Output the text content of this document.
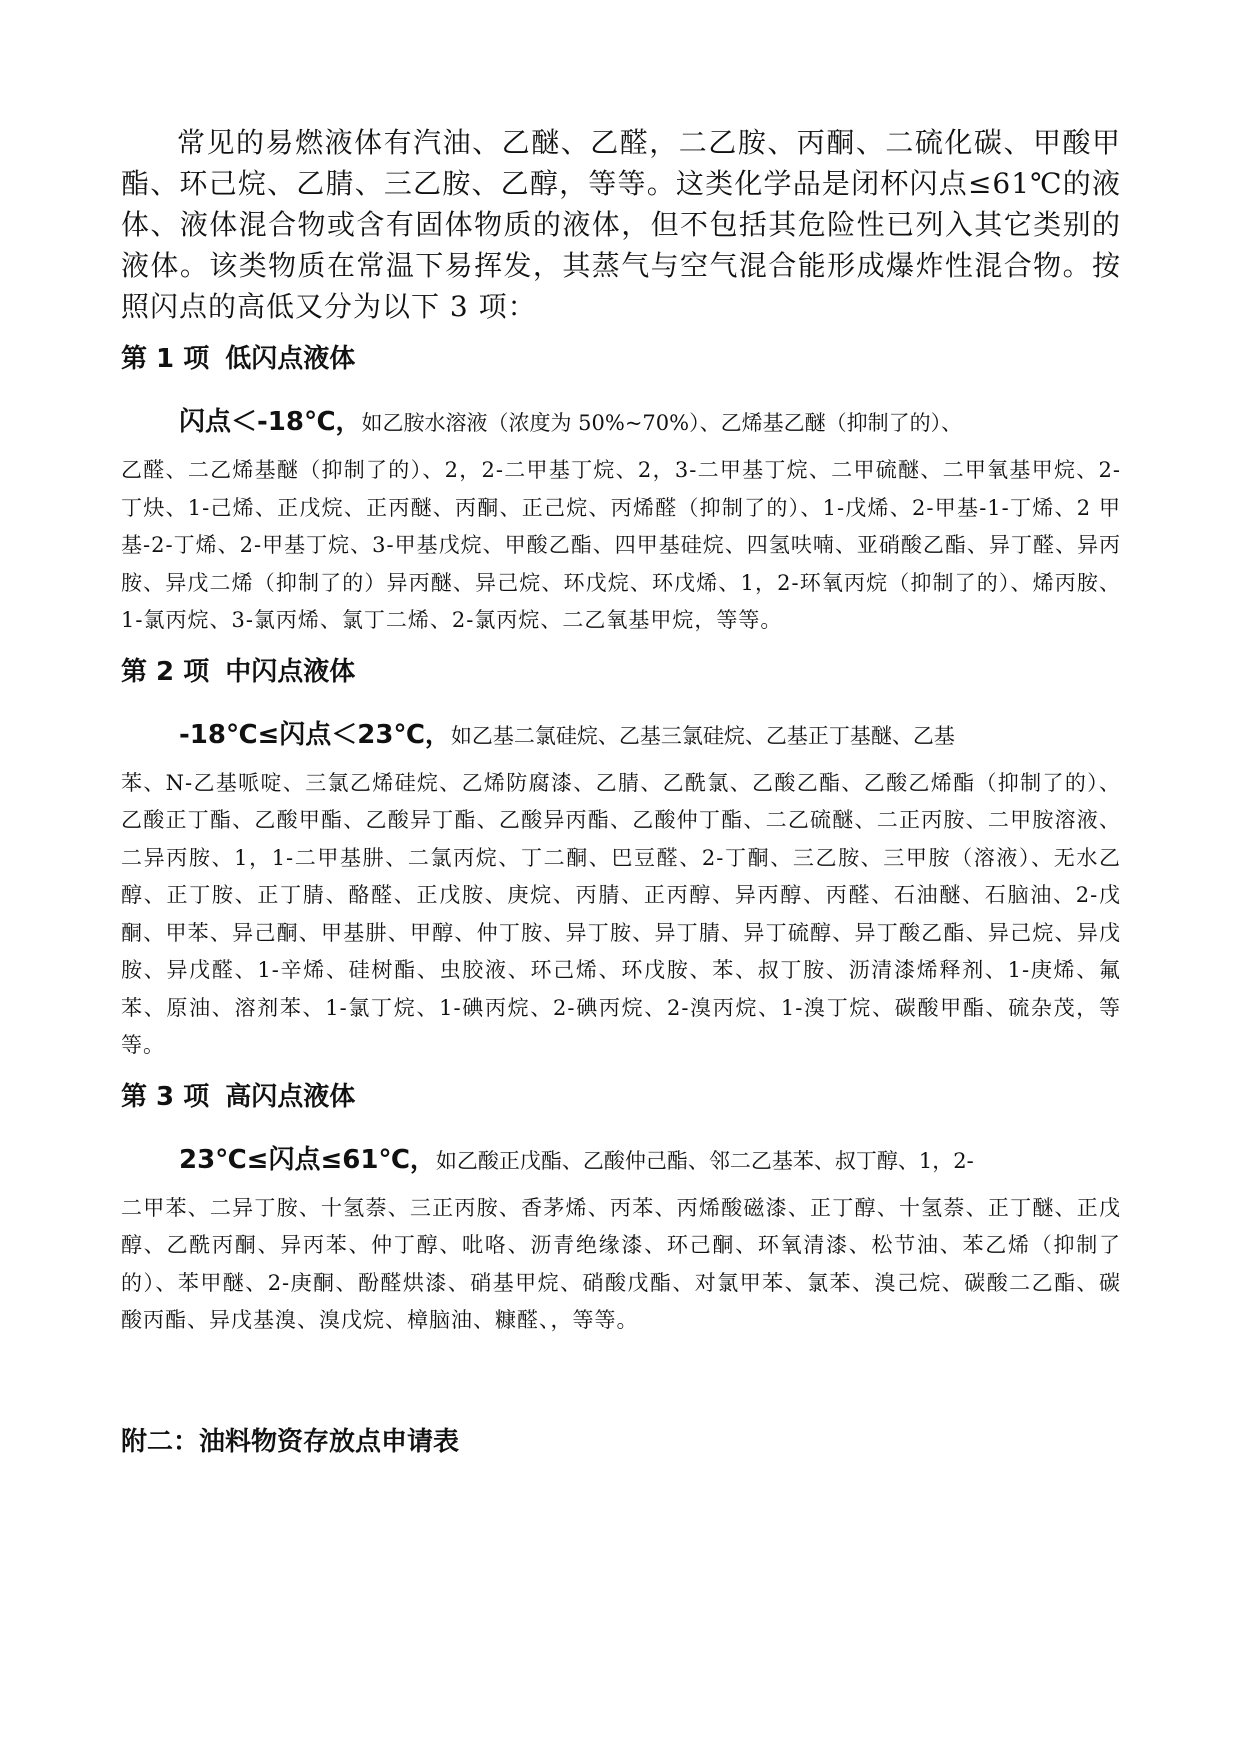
常见的易燃液体有汽油、乙醚、乙醛，二乙胺、丙酮、二硫化碳、甲酸甲酯、环己烷、乙腈、三乙胺、乙醇，等等。这类化学品是闭杯闪点≤61℃的液体、液体混合物或含有固体物质的液体，但不包括其危险性已列入其它类别的液体。该类物质在常温下易挥发，其蒸气与空气混合能形成爆炸性混合物。按照闪点的高低又分为以下 3 项：

第 1 项 低闪点液体

闪点＜-18℃，如乙胺水溶液（浓度为 50%~70%）、乙烯基乙醚（抑制了的）、

乙醛、二乙烯基醚（抑制了的）、2，2-二甲基丁烷、2，3-二甲基丁烷、二甲硫醚、二甲氧基甲烷、2-丁炔、1-己烯、正戊烷、正丙醚、丙酮、正己烷、丙烯醛（抑制了的）、1-戊烯、2-甲基-1-丁烯、2 甲基-2-丁烯、2-甲基丁烷、3-甲基戊烷、甲酸乙酯、四甲基硅烷、四氢呋喃、亚硝酸乙酯、异丁醛、异丙胺、异戊二烯（抑制了的）异丙醚、异己烷、环戊烷、环戊烯、1，2-环氧丙烷（抑制了的）、烯丙胺、1-氯丙烷、3-氯丙烯、氯丁二烯、2-氯丙烷、二乙氧基甲烷，等等。

第 2 项 中闪点液体

-18℃≤闪点＜23℃，如乙基二氯硅烷、乙基三氯硅烷、乙基正丁基醚、乙基

苯、N-乙基哌啶、三氯乙烯硅烷、乙烯防腐漆、乙腈、乙酰氯、乙酸乙酯、乙酸乙烯酯（抑制了的）、乙酸正丁酯、乙酸甲酯、乙酸异丁酯、乙酸异丙酯、乙酸仲丁酯、二乙硫醚、二正丙胺、二甲胺溶液、二异丙胺、1，1-二甲基肼、二氯丙烷、丁二酮、巴豆醛、2-丁酮、三乙胺、三甲胺（溶液）、无水乙醇、正丁胺、正丁腈、酪醛、正戊胺、庚烷、丙腈、正丙醇、异丙醇、丙醛、石油醚、石脑油、2-戊酮、甲苯、异己酮、甲基肼、甲醇、仲丁胺、异丁胺、异丁腈、异丁硫醇、异丁酸乙酯、异己烷、异戊胺、异戊醛、1-辛烯、硅树酯、虫胶液、环己烯、环戊胺、苯、叔丁胺、沥清漆烯释剂、1-庚烯、氟苯、原油、溶剂苯、1-氯丁烷、1-碘丙烷、2-碘丙烷、2-溴丙烷、1-溴丁烷、碳酸甲酯、硫杂茂，等等。

第 3 项 高闪点液体

23℃≤闪点≤61℃，如乙酸正戊酯、乙酸仲己酯、邻二乙基苯、叔丁醇、1，2-

二甲苯、二异丁胺、十氢萘、三正丙胺、香茅烯、丙苯、丙烯酸磁漆、正丁醇、十氢萘、正丁醚、正戊醇、乙酰丙酮、异丙苯、仲丁醇、吡咯、沥青绝缘漆、环己酮、环氧清漆、松节油、苯乙烯（抑制了的）、苯甲醚、2-庚酮、酚醛烘漆、硝基甲烷、硝酸戊酯、对氯甲苯、氯苯、溴己烷、碳酸二乙酯、碳酸丙酯、异戊基溴、溴戊烷、樟脑油、糠醛、，等等。

附二：油料物资存放点申请表
